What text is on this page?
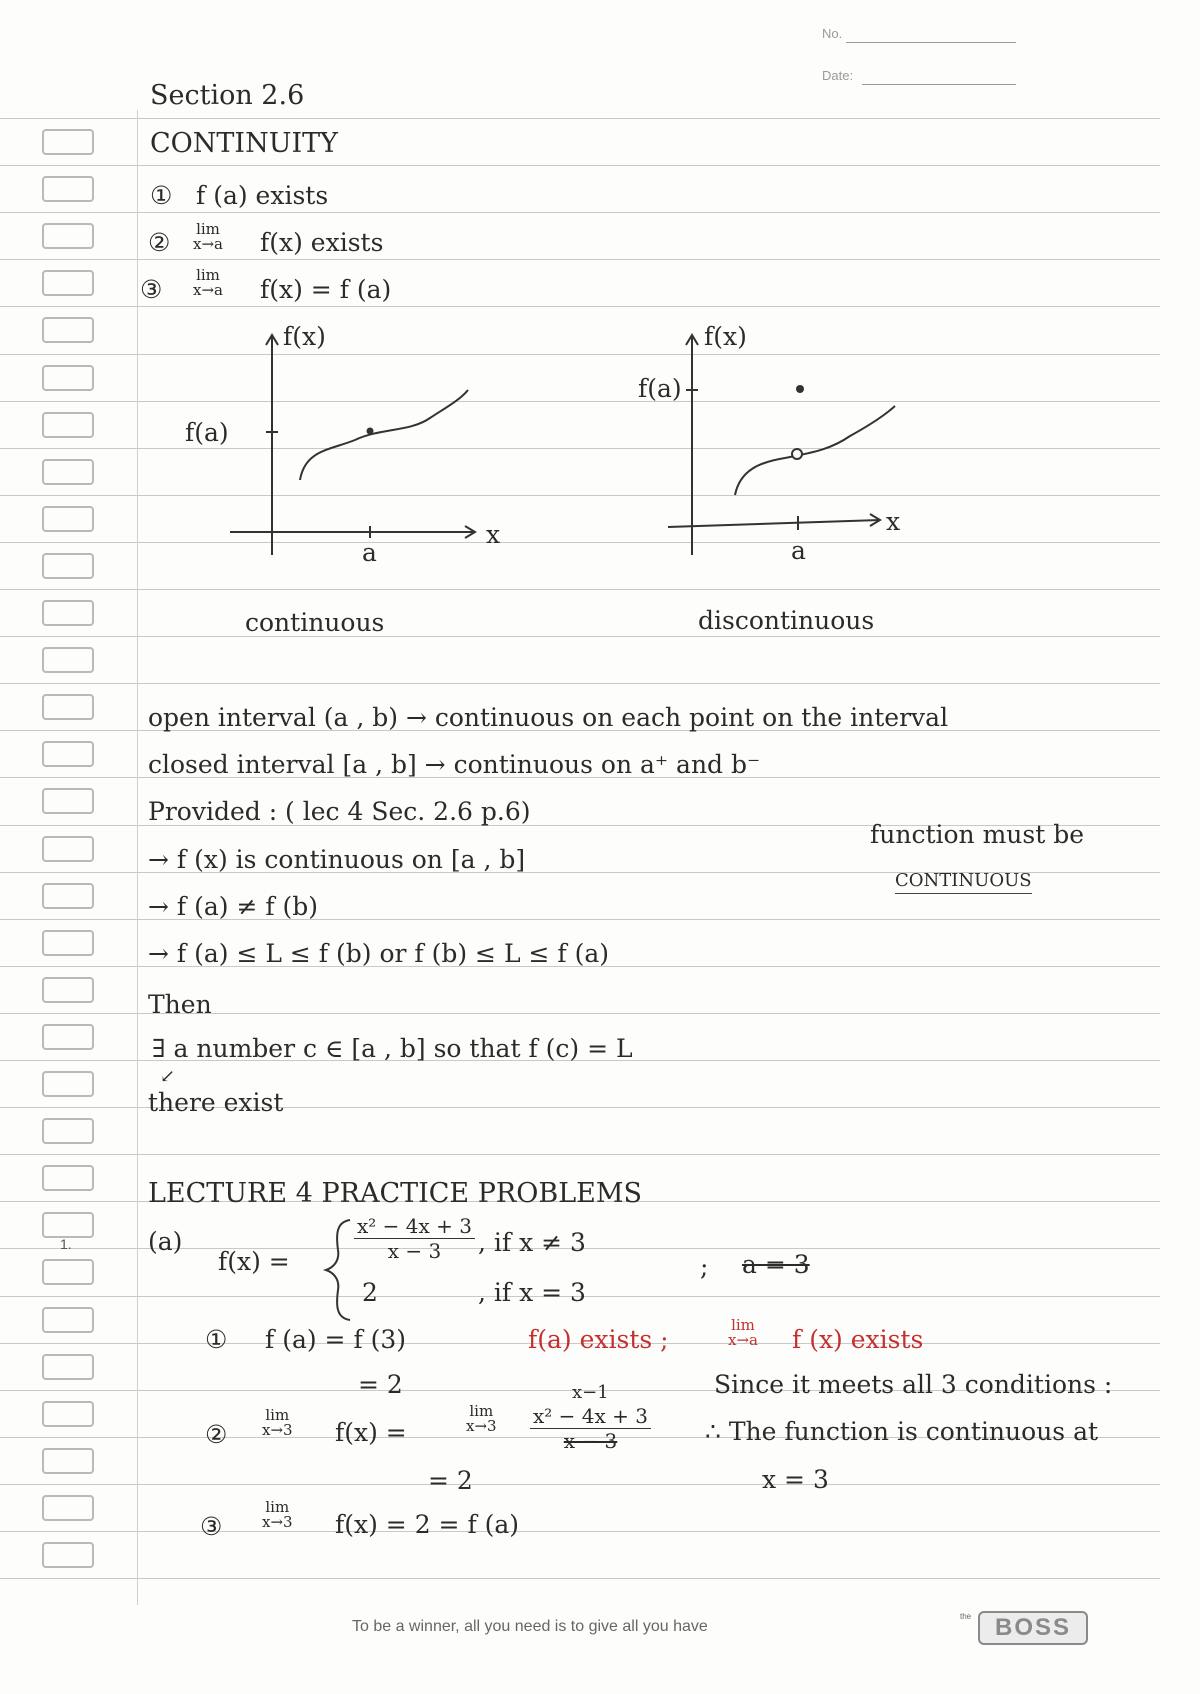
No.
Date:
Section 2.6
CONTINUITY
① f (a) exists
② lim
x→a f(x) exists
③ lim
x→a f(x) = f (a)
f(x)
f(a)
x
a
continuous
f(x)
f(a)
x
a
discontinuous
open interval (a , b) → continuous on each point on the interval
closed interval [a , b] → continuous on a⁺ and b⁻
Provided : ( lec 4 Sec. 2.6 p.6)
→ f (x) is continuous on [a , b]
→ f (a) ≠ f (b)
→ f (a) ≤ L ≤ f (b) or f (b) ≤ L ≤ f (a)
function must be
CONTINUOUS
Then
∃ a number c ∈ [a , b] so that f (c) = L
↙
there exist
LECTURE 4 PRACTICE PROBLEMS
1.	(a)
f(x) =	$\frac{\text{x² − 4x + 3}}{x - 3}$ , if x ≠ 3
2	, if x = 3
; a = 3
① f (a) = f (3)
= 2
f(a) exists ;	lim
x→a f (x) exists
②
lim
x→3 f(x) =
lim
x→3
x−1
$\frac{\text{x² − 4x + 3}}{x - 3}$
= 2
③
lim
x→3 f(x) = 2 = f (a)
Since it meets all 3 conditions :
∴ The function is continuous at
x = 3
To be a winner, all you need is to give all you have
the BOSS
